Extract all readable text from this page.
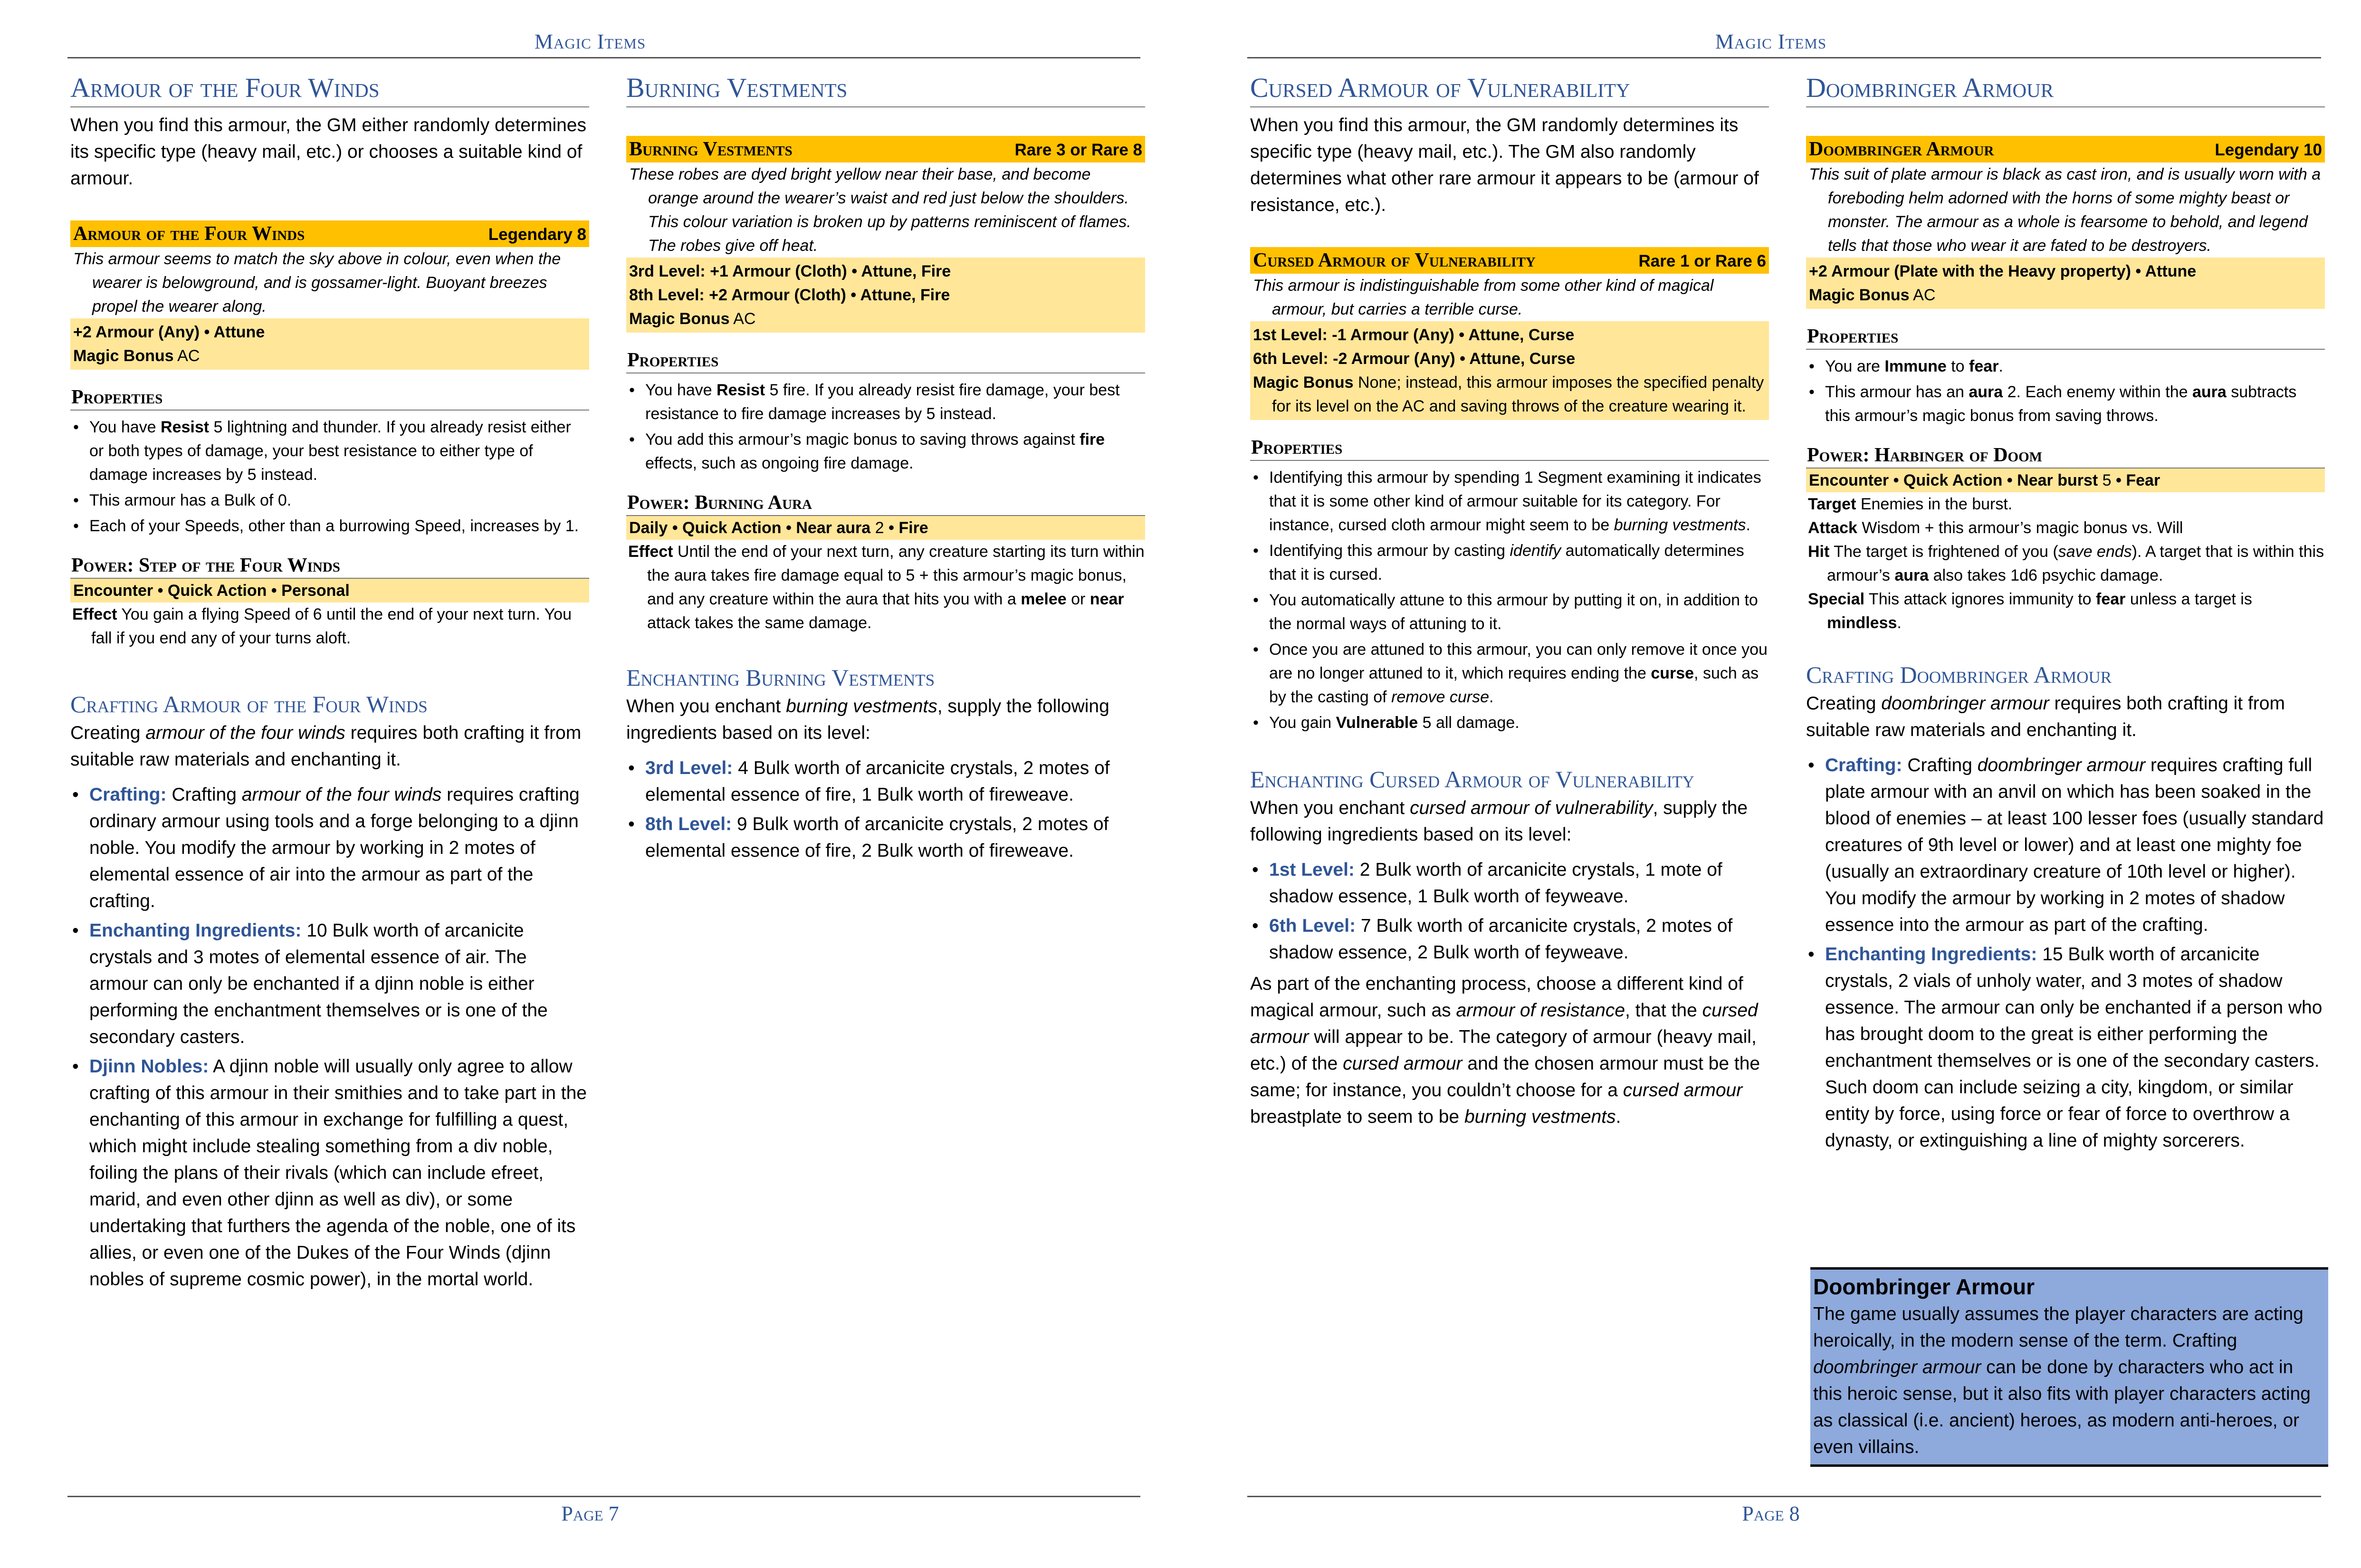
Magic Items
Armour of the Four Winds

When you find this armour, the GM either randomly determines its specific type (heavy mail, etc.) or chooses a suitable kind of armour.

Armour of the Four Winds	Legendary 8
This armour seems to match the sky above in colour, even when the wearer is belowground, and is gossamer-light. Buoyant breezes propel the wearer along.
+2 Armour (Any) • Attune
Magic Bonus AC
Properties
• You have Resist 5 lightning and thunder. If you already resist either or both types of damage, your best resistance to either type of damage increases by 5 instead.
• This armour has a Bulk of 0.
• Each of your Speeds, other than a burrowing Speed, increases by 1.
Power: Step of the Four Winds
Encounter • Quick Action • Personal
Effect You gain a flying Speed of 6 until the end of your next turn. You fall if you end any of your turns aloft.
Crafting Armour of the Four Winds

Creating armour of the four winds requires both crafting it from suitable raw materials and enchanting it.

• Crafting: Crafting armour of the four winds requires crafting ordinary armour using tools and a forge belonging to a djinn noble. You modify the armour by working in 2 motes of elemental essence of air into the armour as part of the crafting.
• Enchanting Ingredients: 10 Bulk worth of arcanicite crystals and 3 motes of elemental essence of air. The armour can only be enchanted if a djinn noble is either performing the enchantment themselves or is one of the secondary casters.
• Djinn Nobles: A djinn noble will usually only agree to allow crafting of this armour in their smithies and to take part in the enchanting of this armour in exchange for fulfilling a quest, which might include stealing something from a div noble, foiling the plans of their rivals (which can include efreet, marid, and even other djinn as well as div), or some undertaking that furthers the agenda of the noble, one of its allies, or even one of the Dukes of the Four Winds (djinn nobles of supreme cosmic power), in the mortal world.
Burning Vestments
Burning Vestments	Rare 3 or Rare 8
These robes are dyed bright yellow near their base, and become orange around the wearer’s waist and red just below the shoulders. This colour variation is broken up by patterns reminiscent of flames. The robes give off heat.
3rd Level: +1 Armour (Cloth) • Attune, Fire
8th Level: +2 Armour (Cloth) • Attune, Fire
Magic Bonus AC
Properties
• You have Resist 5 fire. If you already resist fire damage, your best resistance to fire damage increases by 5 instead.
• You add this armour’s magic bonus to saving throws against fire effects, such as ongoing fire damage.
Power: Burning Aura
Daily • Quick Action • Near aura 2 • Fire
Effect Until the end of your next turn, any creature starting its turn within the aura takes fire damage equal to 5 + this armour’s magic bonus, and any creature within the aura that hits you with a melee or near attack takes the same damage.
Enchanting Burning Vestments

When you enchant burning vestments, supply the following ingredients based on its level:

• 3rd Level: 4 Bulk worth of arcanicite crystals, 2 motes of elemental essence of fire, 1 Bulk worth of fireweave.
• 8th Level: 9 Bulk worth of arcanicite crystals, 2 motes of elemental essence of fire, 2 Bulk worth of fireweave.
Page 7
Magic Items
Cursed Armour of Vulnerability

When you find this armour, the GM randomly determines its specific type (heavy mail, etc.). The GM also randomly determines what other rare armour it appears to be (armour of resistance, etc.).

Cursed Armour of Vulnerability	Rare 1 or Rare 6
This armour is indistinguishable from some other kind of magical armour, but carries a terrible curse.
1st Level: -1 Armour (Any) • Attune, Curse
6th Level: -2 Armour (Any) • Attune, Curse
Magic Bonus None; instead, this armour imposes the specified penalty for its level on the AC and saving throws of the creature wearing it.
Properties
• Identifying this armour by spending 1 Segment examining it indicates that it is some other kind of armour suitable for its category. For instance, cursed cloth armour might seem to be burning vestments.
• Identifying this armour by casting identify automatically determines that it is cursed.
• You automatically attune to this armour by putting it on, in addition to the normal ways of attuning to it.
• Once you are attuned to this armour, you can only remove it once you are no longer attuned to it, which requires ending the curse, such as by the casting of remove curse.
• You gain Vulnerable 5 all damage.
Enchanting Cursed Armour of Vulnerability

When you enchant cursed armour of vulnerability, supply the following ingredients based on its level:

• 1st Level: 2 Bulk worth of arcanicite crystals, 1 mote of shadow essence, 1 Bulk worth of feyweave.
• 6th Level: 7 Bulk worth of arcanicite crystals, 2 motes of shadow essence, 2 Bulk worth of feyweave.

As part of the enchanting process, choose a different kind of magical armour, such as armour of resistance, that the cursed armour will appear to be. The category of armour (heavy mail, etc.) of the cursed armour and the chosen armour must be the same; for instance, you couldn’t choose for a cursed armour breastplate to seem to be burning vestments.

Doombringer Armour
Doombringer Armour	Legendary 10
This suit of plate armour is black as cast iron, and is usually worn with a foreboding helm adorned with the horns of some mighty beast or monster. The armour as a whole is fearsome to behold, and legend tells that those who wear it are fated to be destroyers.
+2 Armour (Plate with the Heavy property) • Attune
Magic Bonus AC
Properties
• You are Immune to fear.
• This armour has an aura 2. Each enemy within the aura subtracts this armour’s magic bonus from saving throws.
Power: Harbinger of Doom
Encounter • Quick Action • Near burst 5 • Fear
Target Enemies in the burst.
Attack Wisdom + this armour’s magic bonus vs. Will
Hit The target is frightened of you (save ends). A target that is within this armour’s aura also takes 1d6 psychic damage.
Special This attack ignores immunity to fear unless a target is mindless.
Crafting Doombringer Armour

Creating doombringer armour requires both crafting it from suitable raw materials and enchanting it.

• Crafting: Crafting doombringer armour requires crafting full plate armour with an anvil on which has been soaked in the blood of enemies – at least 100 lesser foes (usually standard creatures of 9th level or lower) and at least one mighty foe (usually an extraordinary creature of 10th level or higher). You modify the armour by working in 2 motes of shadow essence into the armour as part of the crafting.
• Enchanting Ingredients: 15 Bulk worth of arcanicite crystals, 2 vials of unholy water, and 3 motes of shadow essence. The armour can only be enchanted if a person who has brought doom to the great is either performing the enchantment themselves or is one of the secondary casters. Such doom can include seizing a city, kingdom, or similar entity by force, using force or fear of force to overthrow a dynasty, or extinguishing a line of mighty sorcerers.
Doombringer Armour
The game usually assumes the player characters are acting heroically, in the modern sense of the term. Crafting doombringer armour can be done by characters who act in this heroic sense, but it also fits with player characters acting as classical (i.e. ancient) heroes, as modern anti-heroes, or even villains.
Page 8
